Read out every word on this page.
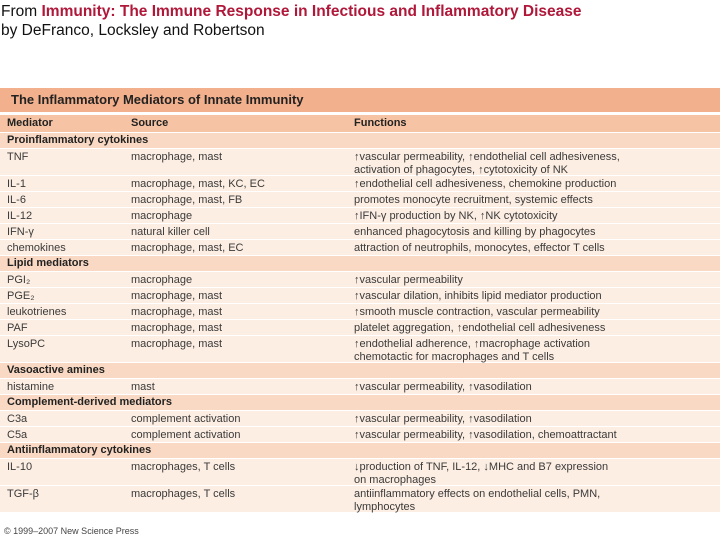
From Immunity: The Immune Response in Infectious and Inflammatory Disease
by DeFranco, Locksley and Robertson
The Inflammatory Mediators of Innate Immunity
Mediator	Source	Functions
Proinflammatory cytokines
TNF	macrophage, mast	↑vascular permeability, ↑endothelial cell adhesiveness,
activation of phagocytes, ↑cytotoxicity of NK
IL-1	macrophage, mast, KC, EC	↑endothelial cell adhesiveness, chemokine production
IL-6	macrophage, mast, FB	promotes monocyte recruitment, systemic effects
IL-12	macrophage	↑IFN-γ production by NK, ↑NK cytotoxicity
IFN-γ	natural killer cell	enhanced phagocytosis and killing by phagocytes
chemokines	macrophage, mast, EC	attraction of neutrophils, monocytes, effector T cells
Lipid mediators
PGI₂	macrophage	↑vascular permeability
PGE₂	macrophage, mast	↑vascular dilation, inhibits lipid mediator production
leukotrienes	macrophage, mast	↑smooth muscle contraction, vascular permeability
PAF	macrophage, mast	platelet aggregation, ↑endothelial cell adhesiveness
LysoPC	macrophage, mast	↑endothelial adherence, ↑macrophage activation
chemotactic for macrophages and T cells
Vasoactive amines
histamine	mast	↑vascular permeability, ↑vasodilation
Complement-derived mediators
C3a	complement activation	↑vascular permeability, ↑vasodilation
C5a	complement activation	↑vascular permeability, ↑vasodilation, chemoattractant
Antiinflammatory cytokines
IL-10	macrophages, T cells	↓production of TNF, IL-12, ↓MHC and B7 expression
on macrophages
TGF-β	macrophages, T cells	antiinflammatory effects on endothelial cells, PMN,
lymphocytes
© 1999–2007 New Science Press
